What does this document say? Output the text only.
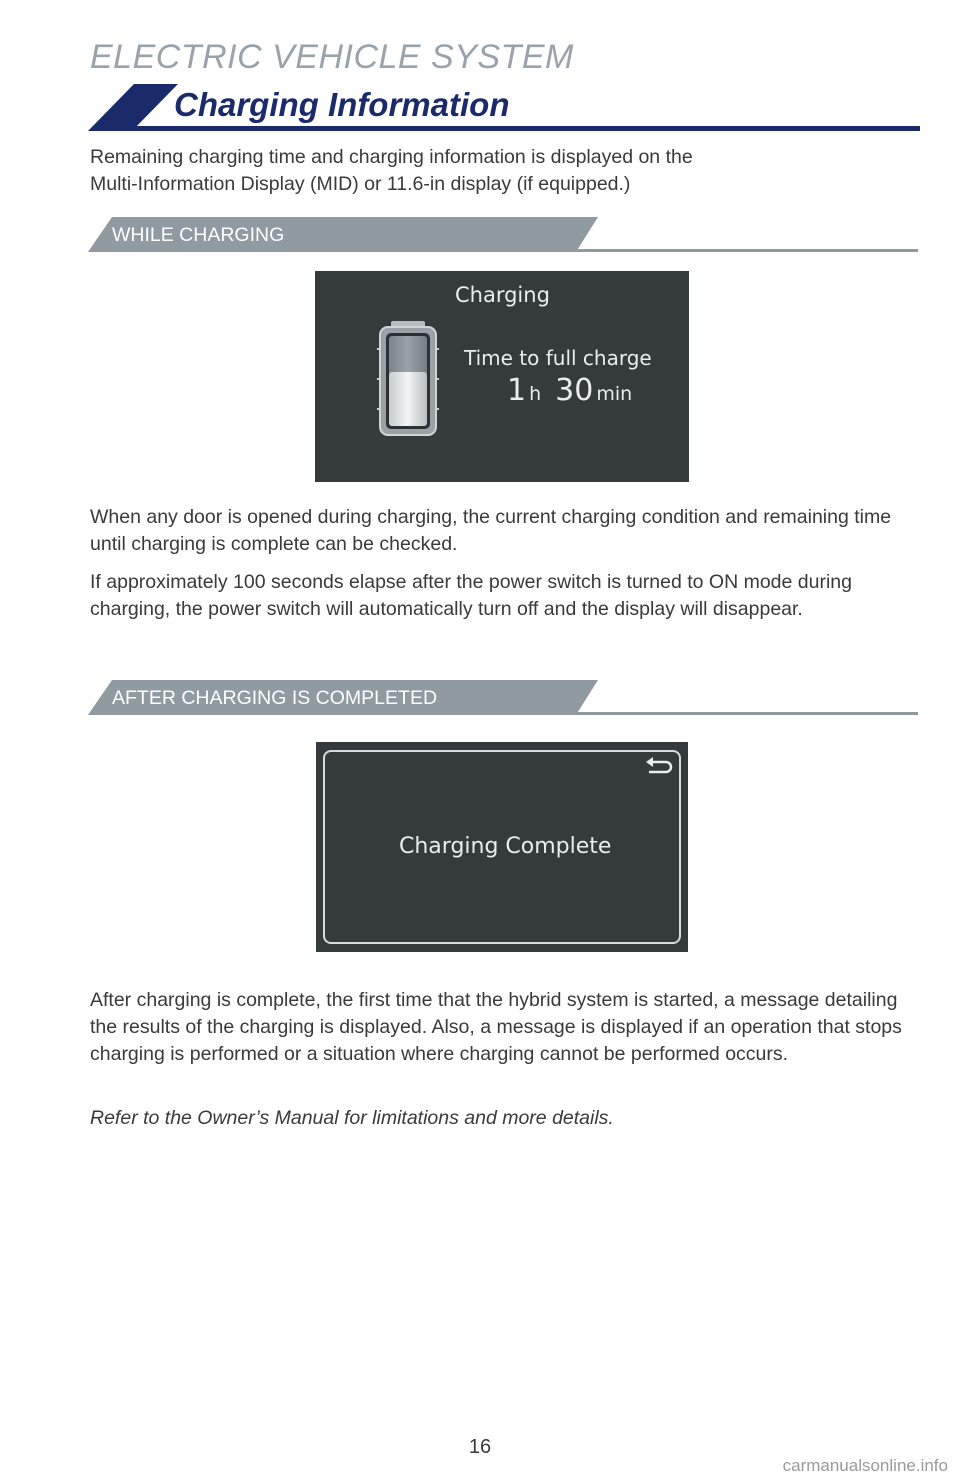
ELECTRIC VEHICLE SYSTEM
Charging Information

Remaining charging time and charging information is displayed on the
Multi-Information Display (MID) or 11.6-in display (if equipped.)

WHILE CHARGING
Charging
Time to full charge
1 h 30 min

When any door is opened during charging, the current charging condition and remaining time until charging is complete can be checked.

If approximately 100 seconds elapse after the power switch is turned to ON mode during charging, the power switch will automatically turn off and the display will disappear.

AFTER CHARGING IS COMPLETED
Charging Complete

After charging is complete, the first time that the hybrid system is started, a message detailing the results of the charging is displayed. Also, a message is displayed if an operation that stops charging is performed or a situation where charging cannot be performed occurs.

Refer to the Owner’s Manual for limitations and more details.

16
carmanualsonline.info
